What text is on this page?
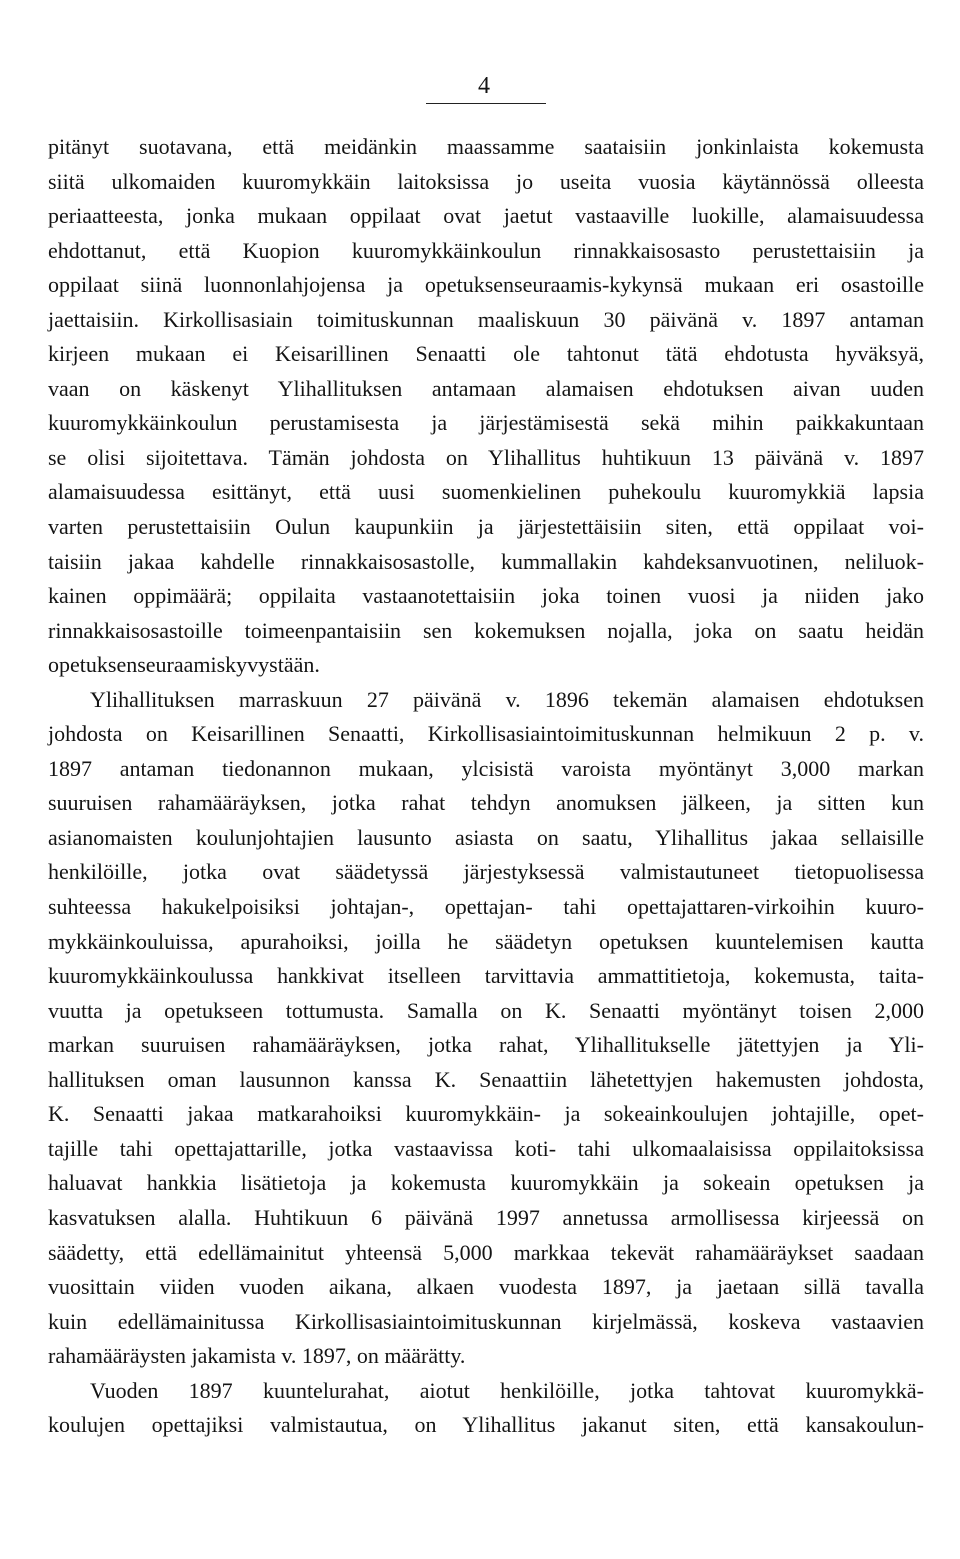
4
pitänyt suotavana, että meidänkin maassamme saataisiin jonkinlaista kokemusta
siitä ulkomaiden kuuromykkäin laitoksissa jo useita vuosia käytännössä olleesta
periaatteesta, jonka mukaan oppilaat ovat jaetut vastaaville luokille, alamaisuudessa
ehdottanut, että Kuopion kuuromykkäinkoulun rinnakkaisosasto perustettaisiin ja
oppilaat siinä luonnonlahjojensa ja opetuksenseuraamis-kykynsä mukaan eri osastoille
jaettaisiin. Kirkollisasiain toimituskunnan maaliskuun 30 päivänä v. 1897 antaman
kirjeen mukaan ei Keisarillinen Senaatti ole tahtonut tätä ehdotusta hyväksyä,
vaan on käskenyt Ylihallituksen antamaan alamaisen ehdotuksen aivan uuden
kuuromykkäinkoulun perustamisesta ja järjestämisestä sekä mihin paikkakuntaan
se olisi sijoitettava. Tämän johdosta on Ylihallitus huhtikuun 13 päivänä v. 1897
alamaisuudessa esittänyt, että uusi suomenkielinen puhekoulu kuuromykkiä lapsia
varten perustettaisiin Oulun kaupunkiin ja järjestettäisiin siten, että oppilaat voi-
taisiin jakaa kahdelle rinnakkaisosastolle, kummallakin kahdeksanvuotinen, neliluok-
kainen oppimäärä; oppilaita vastaanotettaisiin joka toinen vuosi ja niiden jako
rinnakkaisosastoille toimeenpantaisiin sen kokemuksen nojalla, joka on saatu heidän
opetuksenseuraamiskyvystään.
Ylihallituksen marraskuun 27 päivänä v. 1896 tekemän alamaisen ehdotuksen
johdosta on Keisarillinen Senaatti, Kirkollisasiaintoimituskunnan helmikuun 2 p. v.
1897 antaman tiedonannon mukaan, ylcisistä varoista myöntänyt 3,000 markan
suuruisen rahamääräyksen, jotka rahat tehdyn anomuksen jälkeen, ja sitten kun
asianomaisten koulunjohtajien lausunto asiasta on saatu, Ylihallitus jakaa sellaisille
henkilöille, jotka ovat säädetyssä järjestyksessä valmistautuneet tietopuolisessa
suhteessa hakukelpoisiksi johtajan-, opettajan- tahi opettajattaren-virkoihin kuuro-
mykkäinkouluissa, apurahoiksi, joilla he säädetyn opetuksen kuuntelemisen kautta
kuuromykkäinkoulussa hankkivat itselleen tarvittavia ammattitietoja, kokemusta, taita-
vuutta ja opetukseen tottumusta. Samalla on K. Senaatti myöntänyt toisen 2,000
markan suuruisen rahamääräyksen, jotka rahat, Ylihallitukselle jätettyjen ja Yli-
hallituksen oman lausunnon kanssa K. Senaattiin lähetettyjen hakemusten johdosta,
K. Senaatti jakaa matkarahoiksi kuuromykkäin- ja sokeainkoulujen johtajille, opet-
tajille tahi opettajattarille, jotka vastaavissa koti- tahi ulkomaalaisissa oppilaitoksissa
haluavat hankkia lisätietoja ja kokemusta kuuromykkäin ja sokeain opetuksen ja
kasvatuksen alalla. Huhtikuun 6 päivänä 1997 annetussa armollisessa kirjeessä on
säädetty, että edellämainitut yhteensä 5,000 markkaa tekevät rahamääräykset saadaan
vuosittain viiden vuoden aikana, alkaen vuodesta 1897, ja jaetaan sillä tavalla
kuin edellämainitussa Kirkollisasiaintoimituskunnan kirjelmässä, koskeva vastaavien
rahamääräysten jakamista v. 1897, on määrätty.
Vuoden 1897 kuuntelurahat, aiotut henkilöille, jotka tahtovat kuuromykkä-
koulujen opettajiksi valmistautua, on Ylihallitus jakanut siten, että kansakoulun-
